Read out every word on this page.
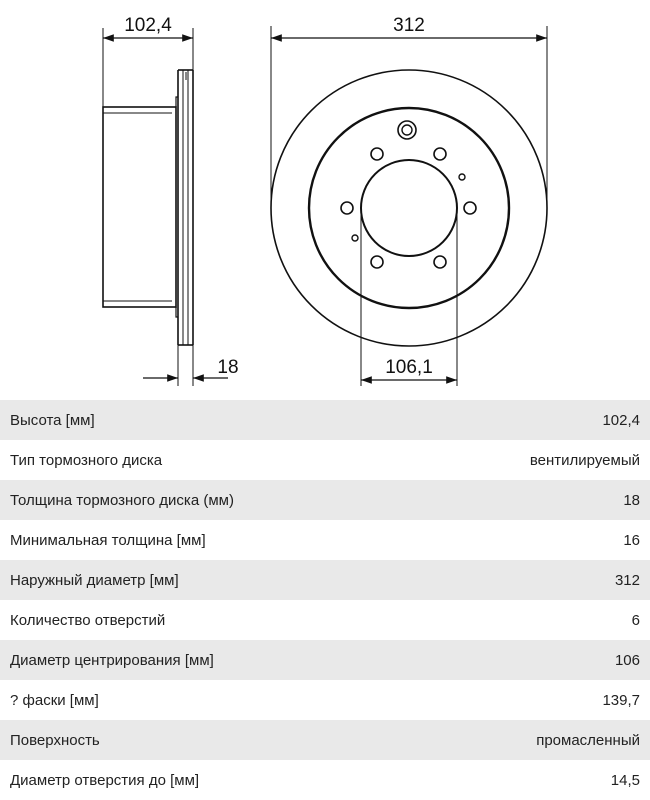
102,4
18
312
106,1
Высота [мм]	102,4
Тип тормозного диска	вентилируемый
Толщина тормозного диска (мм)	18
Минимальная толщина [мм]	16
Наружный диаметр [мм]	312
Количество отверстий	6
Диаметр центрирования [мм]	106
? фаски [мм]	139,7
Поверхность	промасленный
Диаметр отверстия до [мм]	14,5
